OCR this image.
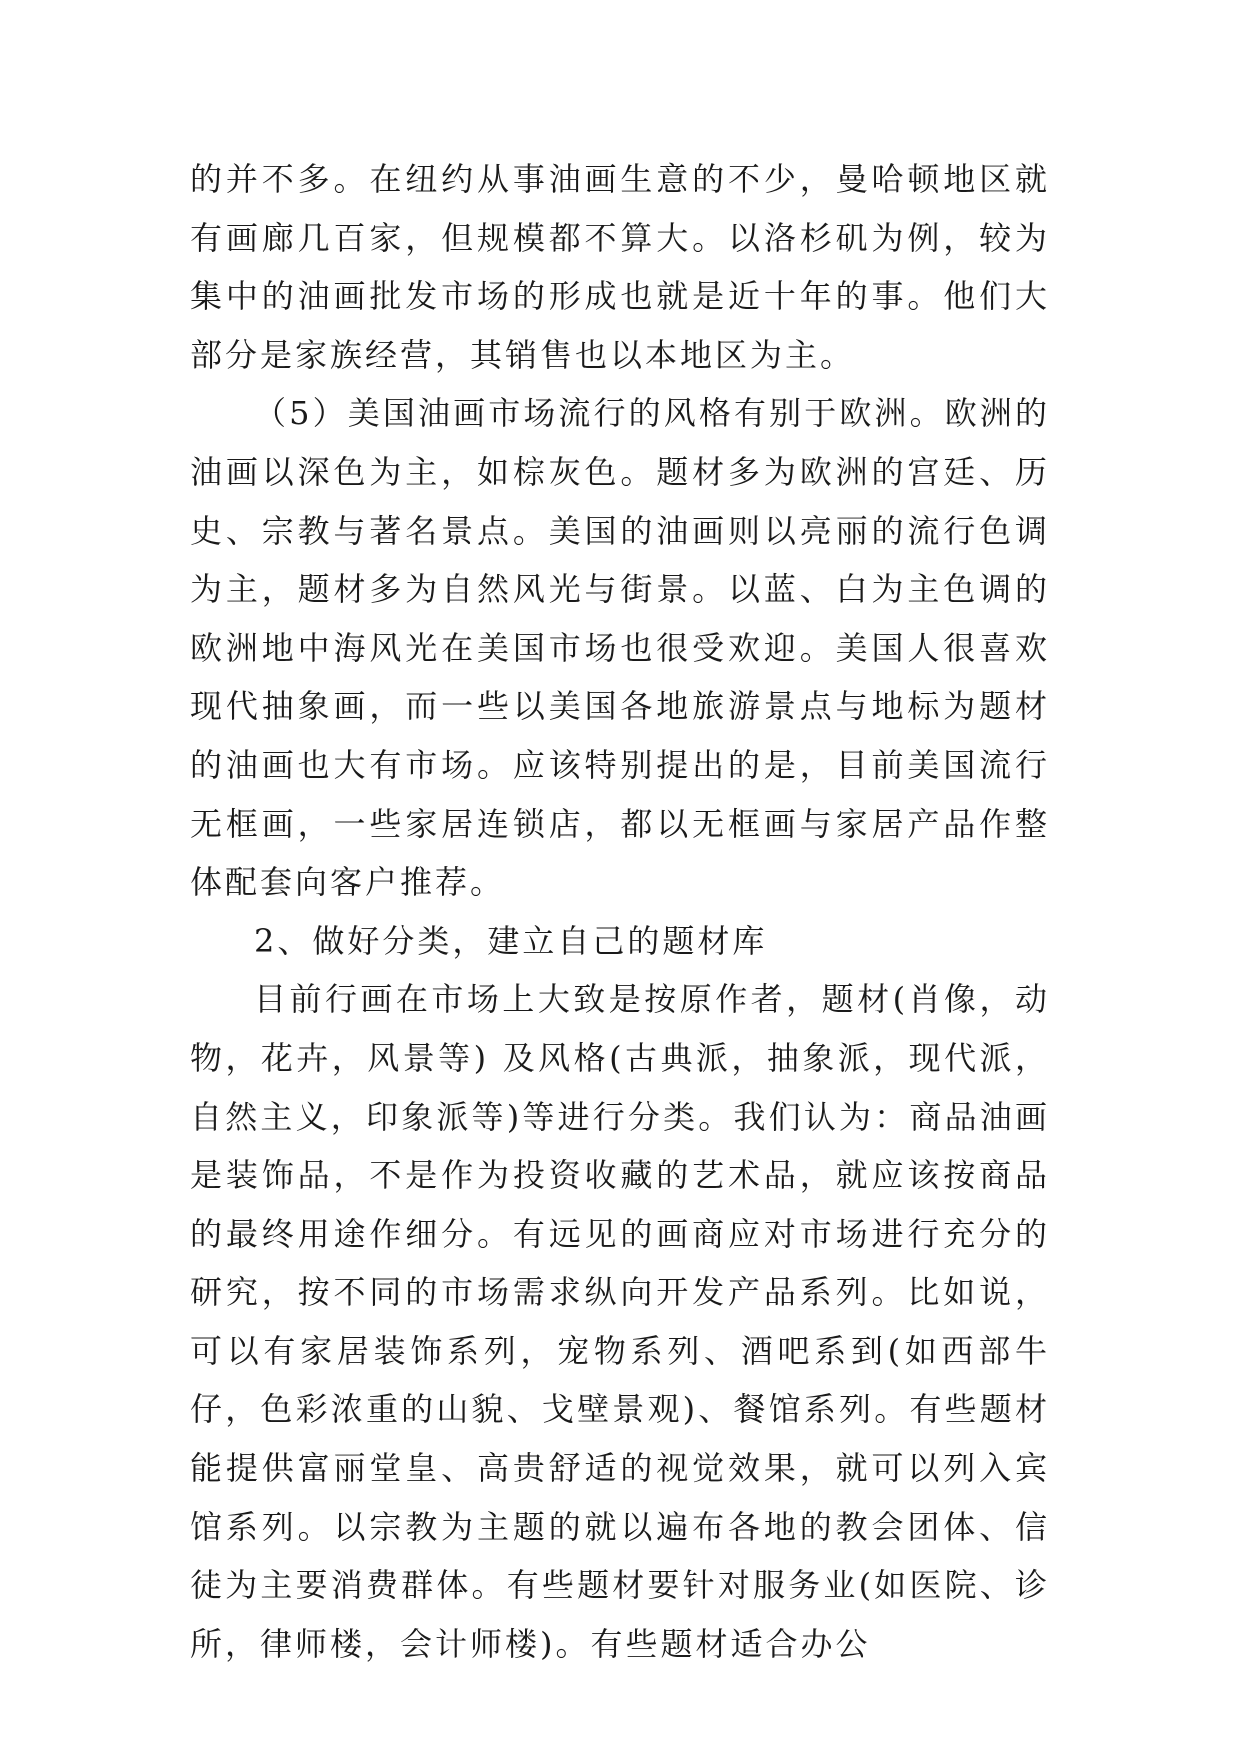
的并不多。在纽约从事油画生意的不少，曼哈顿地区就有画廊几百家，但规模都不算大。以洛杉矶为例，较为集中的油画批发市场的形成也就是近十年的事。他们大部分是家族经营，其销售也以本地区为主。

（5）美国油画市场流行的风格有别于欧洲。欧洲的油画以深色为主，如棕灰色。题材多为欧洲的宫廷、历史、宗教与著名景点。美国的油画则以亮丽的流行色调为主，题材多为自然风光与街景。以蓝、白为主色调的欧洲地中海风光在美国市场也很受欢迎。美国人很喜欢现代抽象画，而一些以美国各地旅游景点与地标为题材的油画也大有市场。应该特别提出的是，目前美国流行无框画，一些家居连锁店，都以无框画与家居产品作整体配套向客户推荐。

2、做好分类，建立自己的题材库

目前行画在市场上大致是按原作者，题材(肖像，动物，花卉，风景等) 及风格(古典派，抽象派，现代派，自然主义，印象派等)等进行分类。我们认为：商品油画是装饰品，不是作为投资收藏的艺术品，就应该按商品的最终用途作细分。有远见的画商应对市场进行充分的研究，按不同的市场需求纵向开发产品系列。比如说，可以有家居装饰系列，宠物系列、酒吧系到(如西部牛仔，色彩浓重的山貌、戈壁景观)、餐馆系列。有些题材能提供富丽堂皇、高贵舒适的视觉效果，就可以列入宾馆系列。以宗教为主题的就以遍布各地的教会团体、信徒为主要消费群体。有些题材要针对服务业(如医院、诊所，律师楼，会计师楼)。有些题材适合办公
